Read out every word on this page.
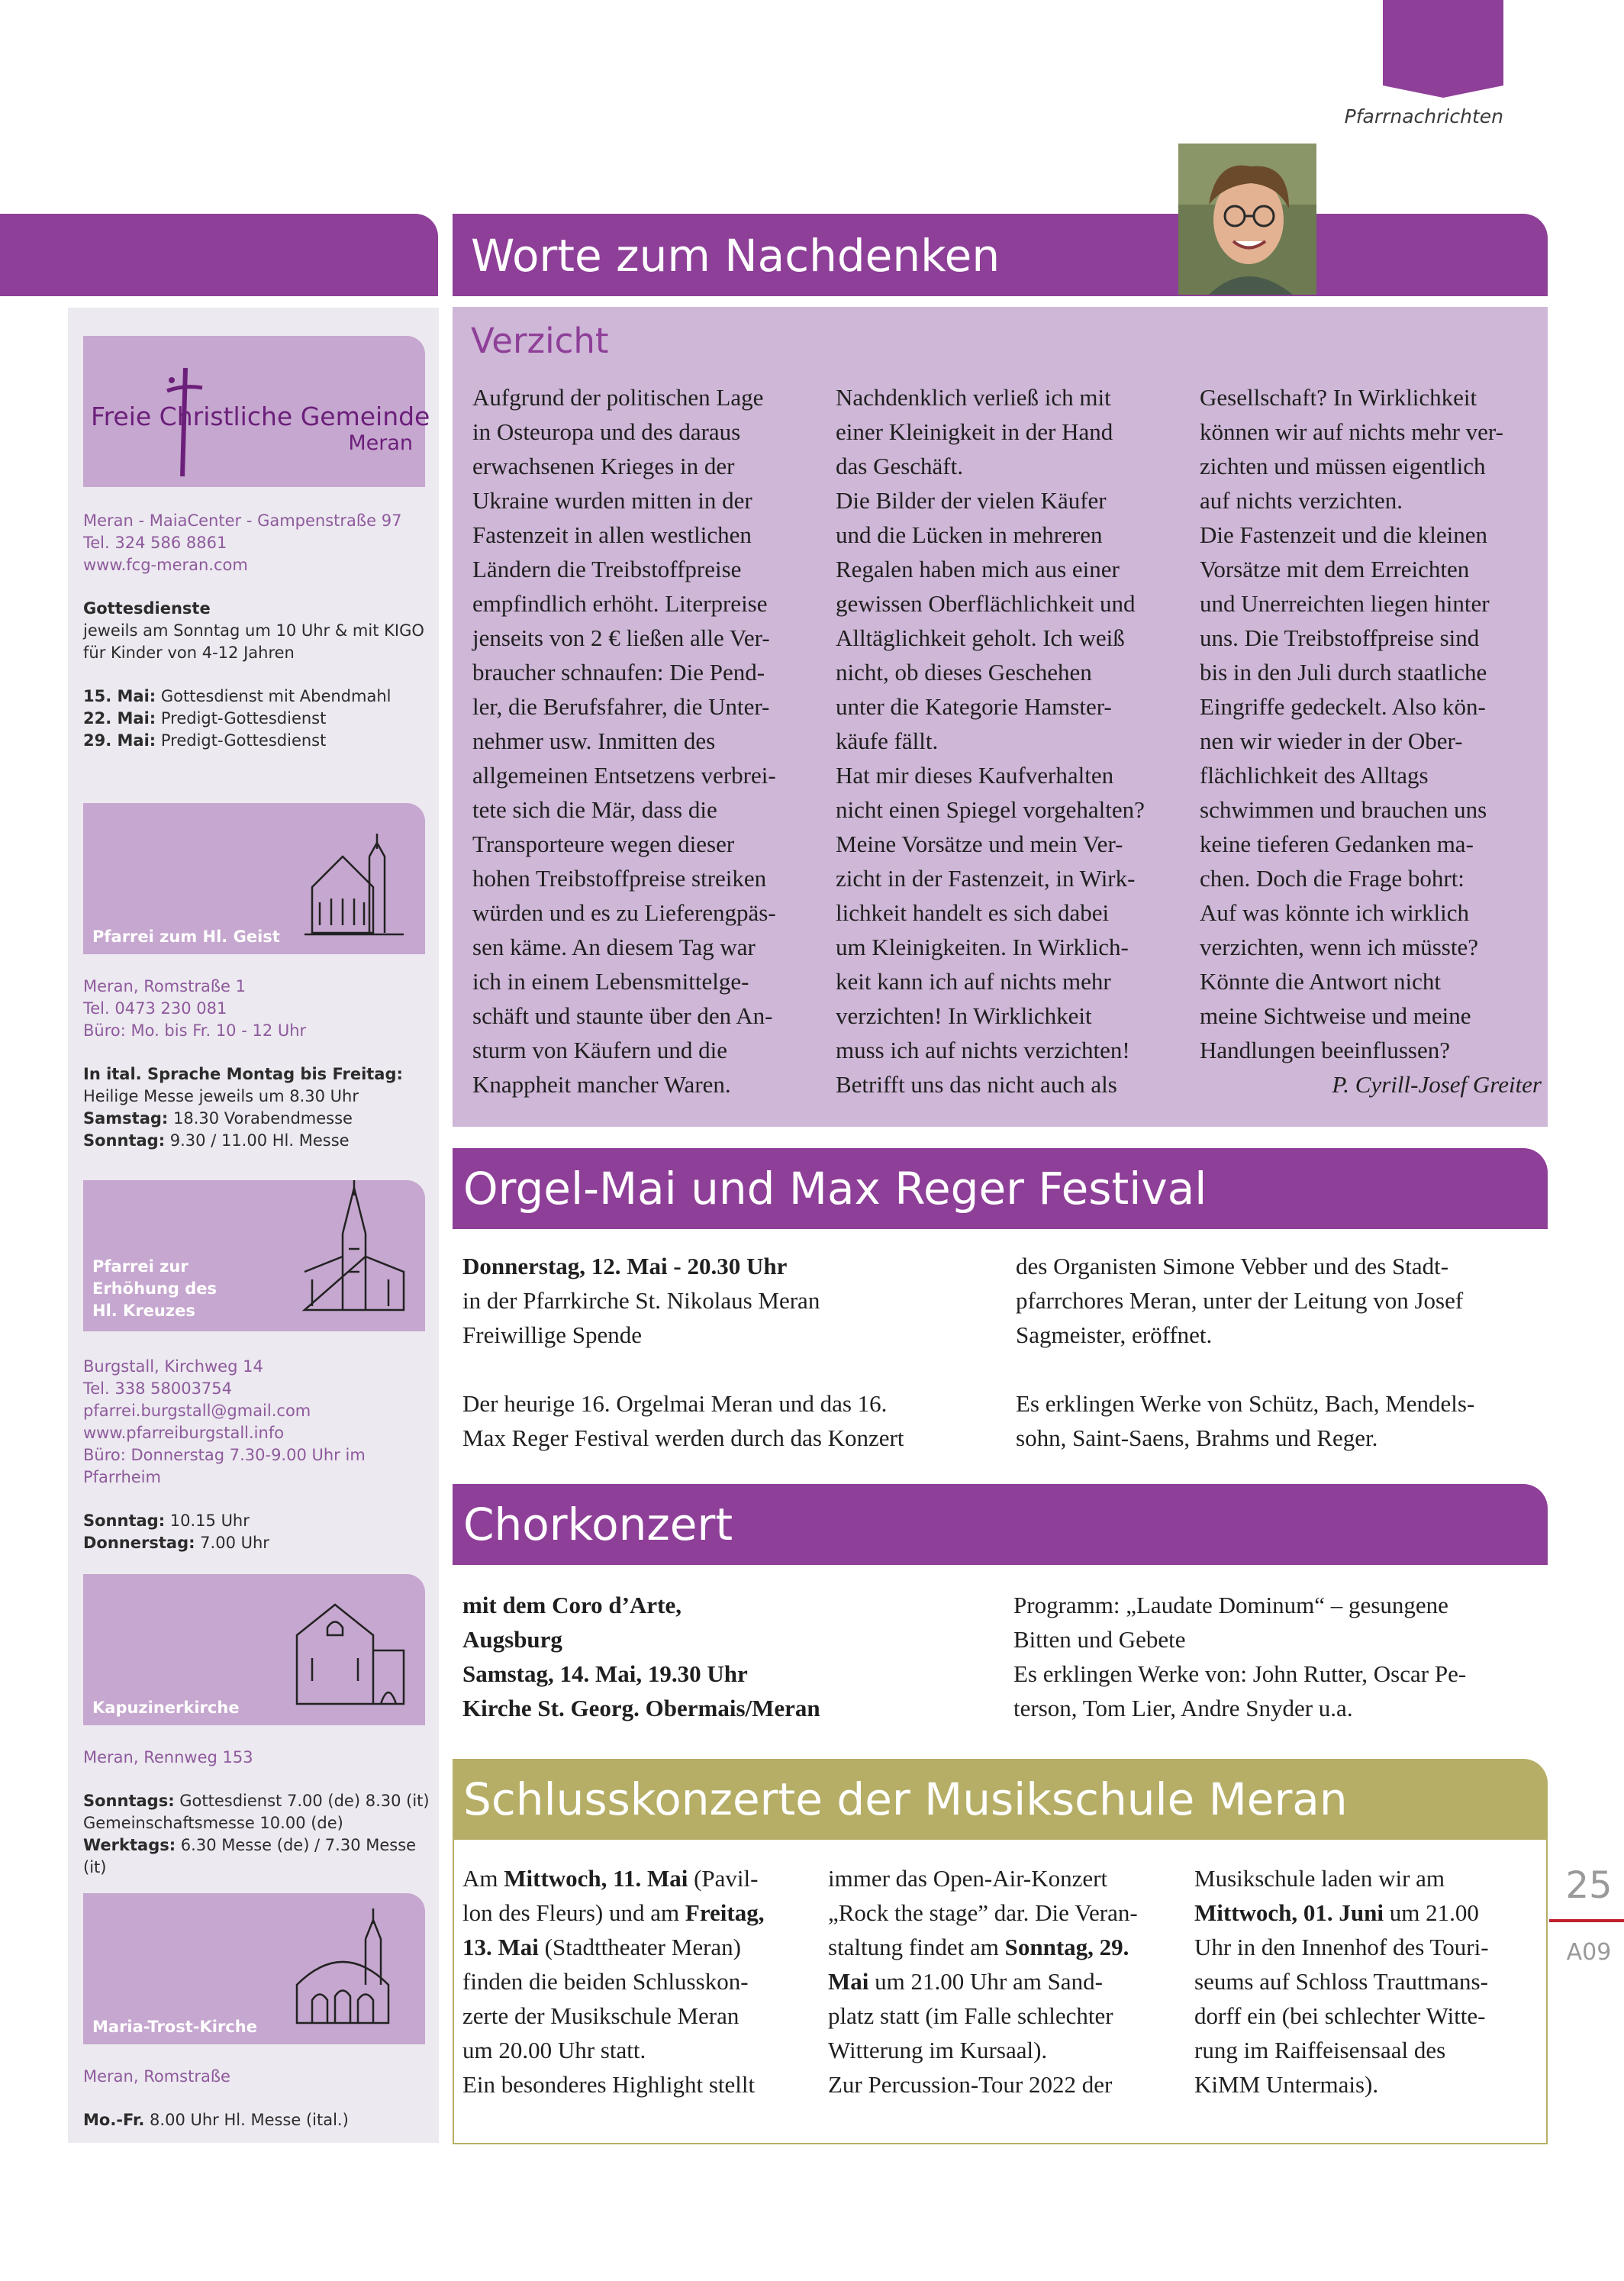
Pfarrnachrichten
Freie Christliche Gemeinde
Meran
Meran - MaiaCenter - Gampenstraße 97
Tel. 324 586 8861
www.fcg-meran.com
Gottesdienste
jeweils am Sonntag um 10 Uhr & mit KIGO
für Kinder von 4-12 Jahren
15. Mai: Gottesdienst mit Abendmahl
22. Mai: Predigt-Gottesdienst
29. Mai: Predigt-Gottesdienst
Pfarrei zum Hl. Geist
Meran, Romstraße 1
Tel. 0473 230 081
Büro: Mo. bis Fr. 10 - 12 Uhr
In ital. Sprache Montag bis Freitag:
Heilige Messe jeweils um 8.30 Uhr
Samstag: 18.30 Vorabendmesse
Sonntag: 9.30 / 11.00 Hl. Messe
Pfarrei zur
Erhöhung des
Hl. Kreuzes
Burgstall, Kirchweg 14
Tel. 338 58003754
pfarrei.burgstall@gmail.com
www.pfarreiburgstall.info
Büro: Donnerstag 7.30-9.00 Uhr im Pfarrheim
Sonntag: 10.15 Uhr
Donnerstag: 7.00 Uhr
Kapuzinerkirche
Meran, Rennweg 153
Sonntags: Gottesdienst 7.00 (de) 8.30 (it)
Gemeinschaftsmesse 10.00 (de)
Werktags: 6.30 Messe (de) / 7.30 Messe (it)
Maria-Trost-Kirche
Meran, Romstraße
Mo.-Fr. 8.00 Uhr Hl. Messe (ital.)
Worte zum Nachdenken
Verzicht

Aufgrund der politischen Lage

in Osteuropa und des daraus

erwachsenen Krieges in der

Ukraine wurden mitten in der

Fastenzeit in allen westlichen

Ländern die Treibstoffpreise

empfindlich erhöht. Literpreise

jenseits von 2 € ließen alle Ver-

braucher schnaufen: Die Pend-

ler, die Berufsfahrer, die Unter-

nehmer usw. Inmitten des

allgemeinen Entsetzens verbrei-

tete sich die Mär, dass die

Transporteure wegen dieser

hohen Treibstoffpreise streiken

würden und es zu Lieferengpäs-

sen käme. An diesem Tag war

ich in einem Lebensmittelge-

schäft und staunte über den An-

sturm von Käufern und die

Knappheit mancher Waren.

Nachdenklich verließ ich mit

einer Kleinigkeit in der Hand

das Geschäft.

Die Bilder der vielen Käufer

und die Lücken in mehreren

Regalen haben mich aus einer

gewissen Oberflächlichkeit und

Alltäglichkeit geholt. Ich weiß

nicht, ob dieses Geschehen

unter die Kategorie Hamster-

käufe fällt.

Hat mir dieses Kaufverhalten

nicht einen Spiegel vorgehalten?

Meine Vorsätze und mein Ver-

zicht in der Fastenzeit, in Wirk-

lichkeit handelt es sich dabei

um Kleinigkeiten. In Wirklich-

keit kann ich auf nichts mehr

verzichten! In Wirklichkeit

muss ich auf nichts verzichten!

Betrifft uns das nicht auch als

Gesellschaft? In Wirklichkeit

können wir auf nichts mehr ver-

zichten und müssen eigentlich

auf nichts verzichten.

Die Fastenzeit und die kleinen

Vorsätze mit dem Erreichten

und Unerreichten liegen hinter

uns. Die Treibstoffpreise sind

bis in den Juli durch staatliche

Eingriffe gedeckelt. Also kön-

nen wir wieder in der Ober-

flächlichkeit des Alltags

schwimmen und brauchen uns

keine tieferen Gedanken ma-

chen. Doch die Frage bohrt:

Auf was könnte ich wirklich

verzichten, wenn ich müsste?

Könnte die Antwort nicht

meine Sichtweise und meine

Handlungen beeinflussen?

P. Cyrill-Josef Greiter

Orgel-Mai und Max Reger Festival

Donnerstag, 12. Mai - 20.30 Uhr

in der Pfarrkirche St. Nikolaus Meran

Freiwillige Spende

Der heurige 16. Orgelmai Meran und das 16.

Max Reger Festival werden durch das Konzert

des Organisten Simone Vebber und des Stadt-

pfarrchores Meran, unter der Leitung von Josef

Sagmeister, eröffnet.

Es erklingen Werke von Schütz, Bach, Mendels-

sohn, Saint-Saens, Brahms und Reger.

Chorkonzert

mit dem Coro d’Arte,

Augsburg

Samstag, 14. Mai, 19.30 Uhr

Kirche St. Georg. Obermais/Meran

Programm: „Laudate Dominum“ – gesungene

Bitten und Gebete

Es erklingen Werke von: John Rutter, Oscar Pe-

terson, Tom Lier, Andre Snyder u.a.

Schlusskonzerte der Musikschule Meran

Am Mittwoch, 11. Mai (Pavil-

lon des Fleurs) und am Freitag,

13. Mai (Stadttheater Meran)

finden die beiden Schlusskon-

zerte der Musikschule Meran

um 20.00 Uhr statt.

Ein besonderes Highlight stellt

immer das Open-Air-Konzert

„Rock the stage” dar. Die Veran-

staltung findet am Sonntag, 29.

Mai um 21.00 Uhr am Sand-

platz statt (im Falle schlechter

Witterung im Kursaal).

Zur Percussion-Tour 2022 der

Musikschule laden wir am

Mittwoch, 01. Juni um 21.00

Uhr in den Innenhof des Touri-

seums auf Schloss Trauttmans-

dorff ein (bei schlechter Witte-

rung im Raiffeisensaal des

KiMM Untermais).

25
A09
